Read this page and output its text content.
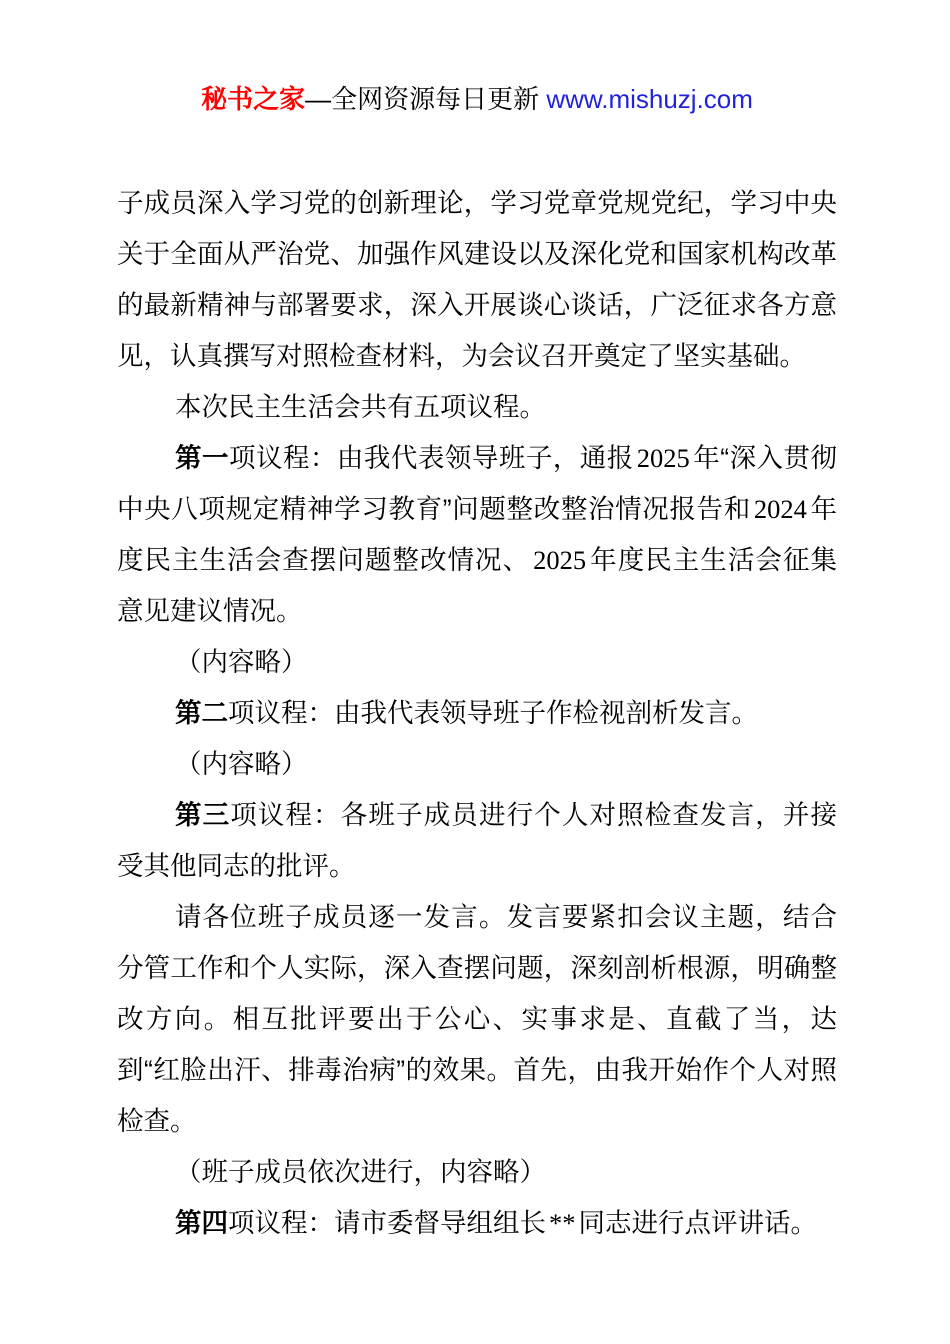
秘书之家—全网资源每日更新 www.mishuzj.com

子成员深入学习党的创新理论，学习党章党规党纪，学习中央关于全面从严治党、加强作风建设以及深化党和国家机构改革的最新精神与部署要求，深入开展谈心谈话，广泛征求各方意见，认真撰写对照检查材料，为会议召开奠定了坚实基础。

本次民主生活会共有五项议程。

第一项议程：由我代表领导班子，通报 2025 年“深入贯彻中央八项规定精神学习教育”问题整改整治情况报告和 2024 年度民主生活会查摆问题整改情况、 2025 年度民主生活会征集意见建议情况。

（内容略）

第二项议程：由我代表领导班子作检视剖析发言。

（内容略）

第三项议程：各班子成员进行个人对照检查发言，并接受其他同志的批评。

请各位班子成员逐一发言。发言要紧扣会议主题，结合分管工作和个人实际，深入查摆问题，深刻剖析根源，明确整改方向。相互批评要出于公心、实事求是、直截了当，达到“红脸出汗、排毒治病”的效果。首先，由我开始作个人对照检查。

（班子成员依次进行，内容略）

第四项议程：请市委督导组组长 ** 同志进行点评讲话。
